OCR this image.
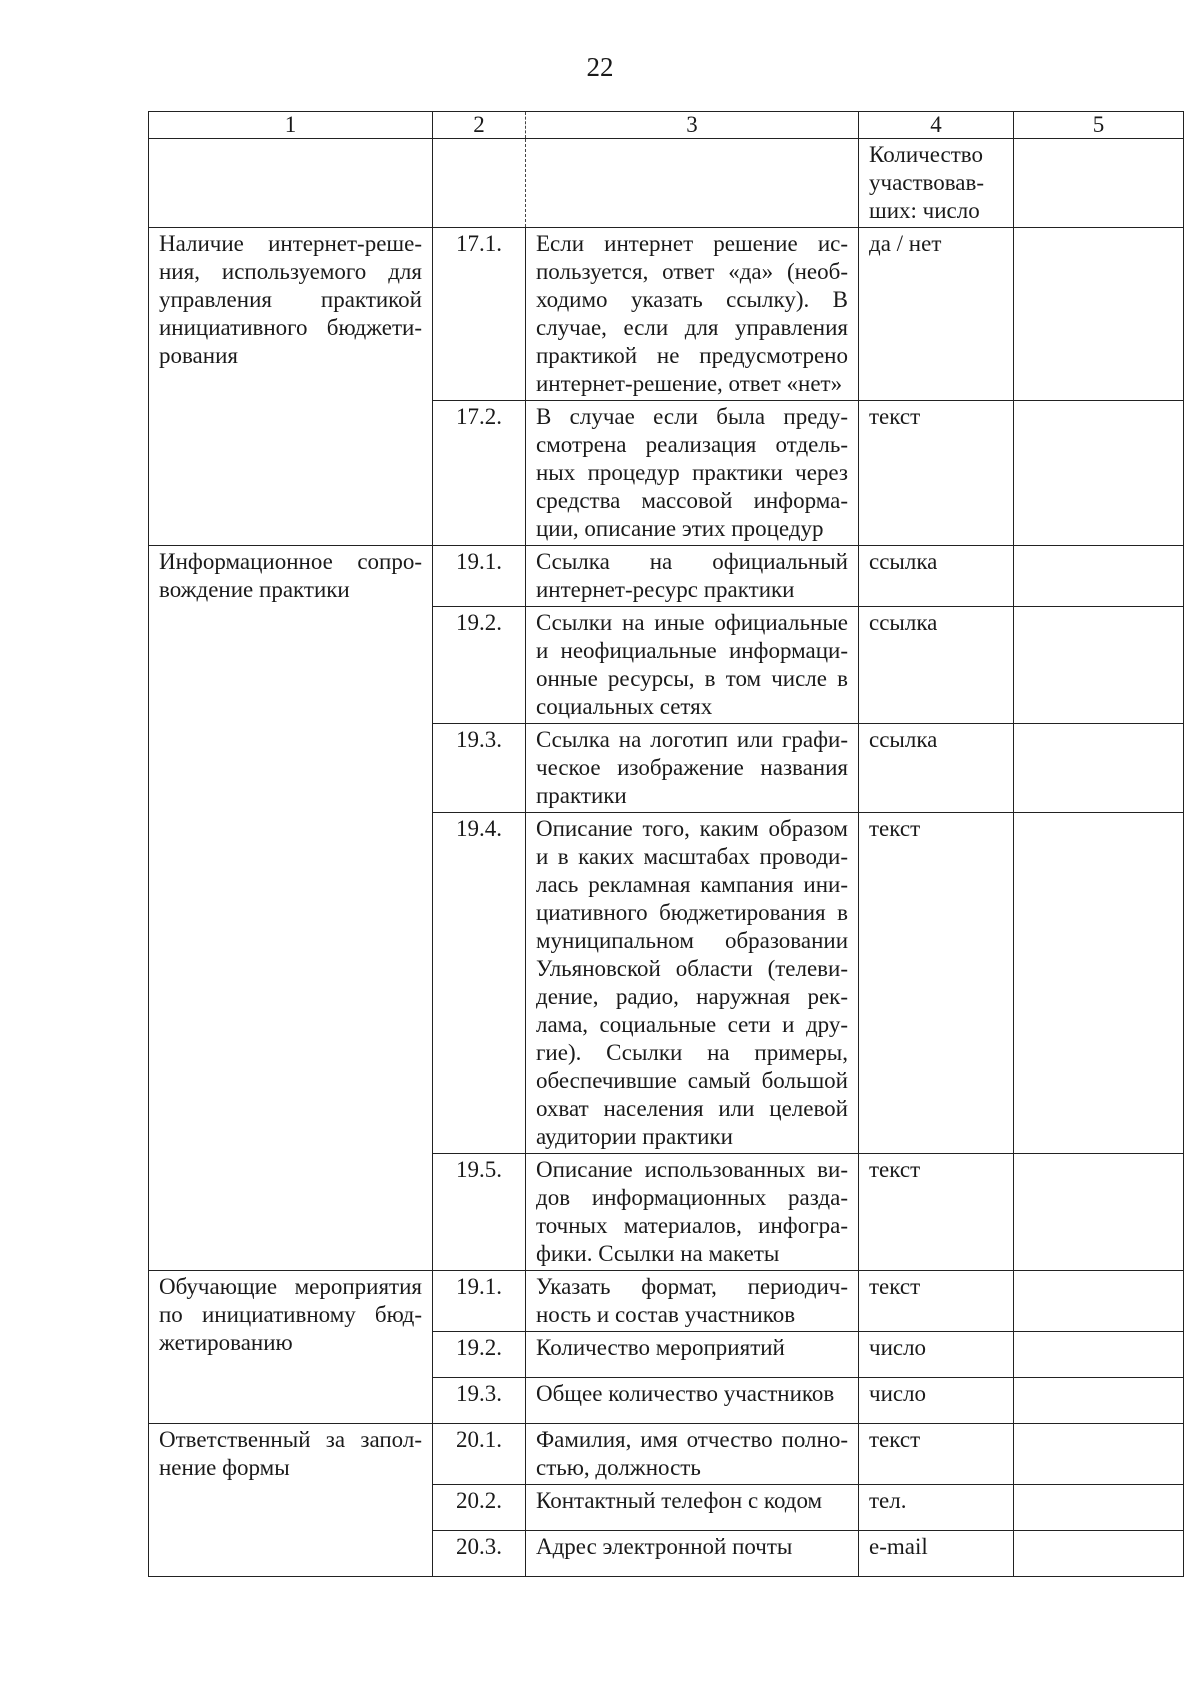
22
1	2	3	4	5
			Количество участвовав-ших: число	
Наличие интернет-реше-ния, используемого для управления практикой инициативного бюджети-рования	17.1.	Если интернет решение ис-пользуется, ответ «да» (необ-ходимо указать ссылку). В случае, если для управления практикой не предусмотрено интернет-решение, ответ «нет»	да / нет	
	17.2.	В случае если была преду-смотрена реализация отдель-ных процедур практики через средства массовой информа-ции, описание этих процедур	текст	
Информационное сопро-вождение практики	19.1.	Ссылка на официальный интернет-ресурс практики	ссылка	
	19.2.	Ссылки на иные официальные и неофициальные информаци-онные ресурсы, в том числе в социальных сетях	ссылка	
	19.3.	Ссылка на логотип или графи-ческое изображение названия практики	ссылка	
	19.4.	Описание того, каким образом и в каких масштабах проводи-лась рекламная кампания ини-циативного бюджетирования в муниципальном образовании Ульяновской области (телеви-дение, радио, наружная рек-лама, социальные сети и дру-гие). Ссылки на примеры, обеспечившие самый большой охват населения или целевой аудитории практики	текст	
	19.5.	Описание использованных ви-дов информационных разда-точных материалов, инфогра-фики. Ссылки на макеты	текст	
Обучающие мероприятия по инициативному бюд-жетированию	19.1.	Указать формат, периодич-ность и состав участников	текст	
	19.2.	Количество мероприятий	число	
	19.3.	Общее количество участников	число	
Ответственный за запол-нение формы	20.1.	Фамилия, имя отчество полно-стью, должность	текст	
	20.2.	Контактный телефон с кодом	тел.	
	20.3.	Адрес электронной почты	e-mail	
